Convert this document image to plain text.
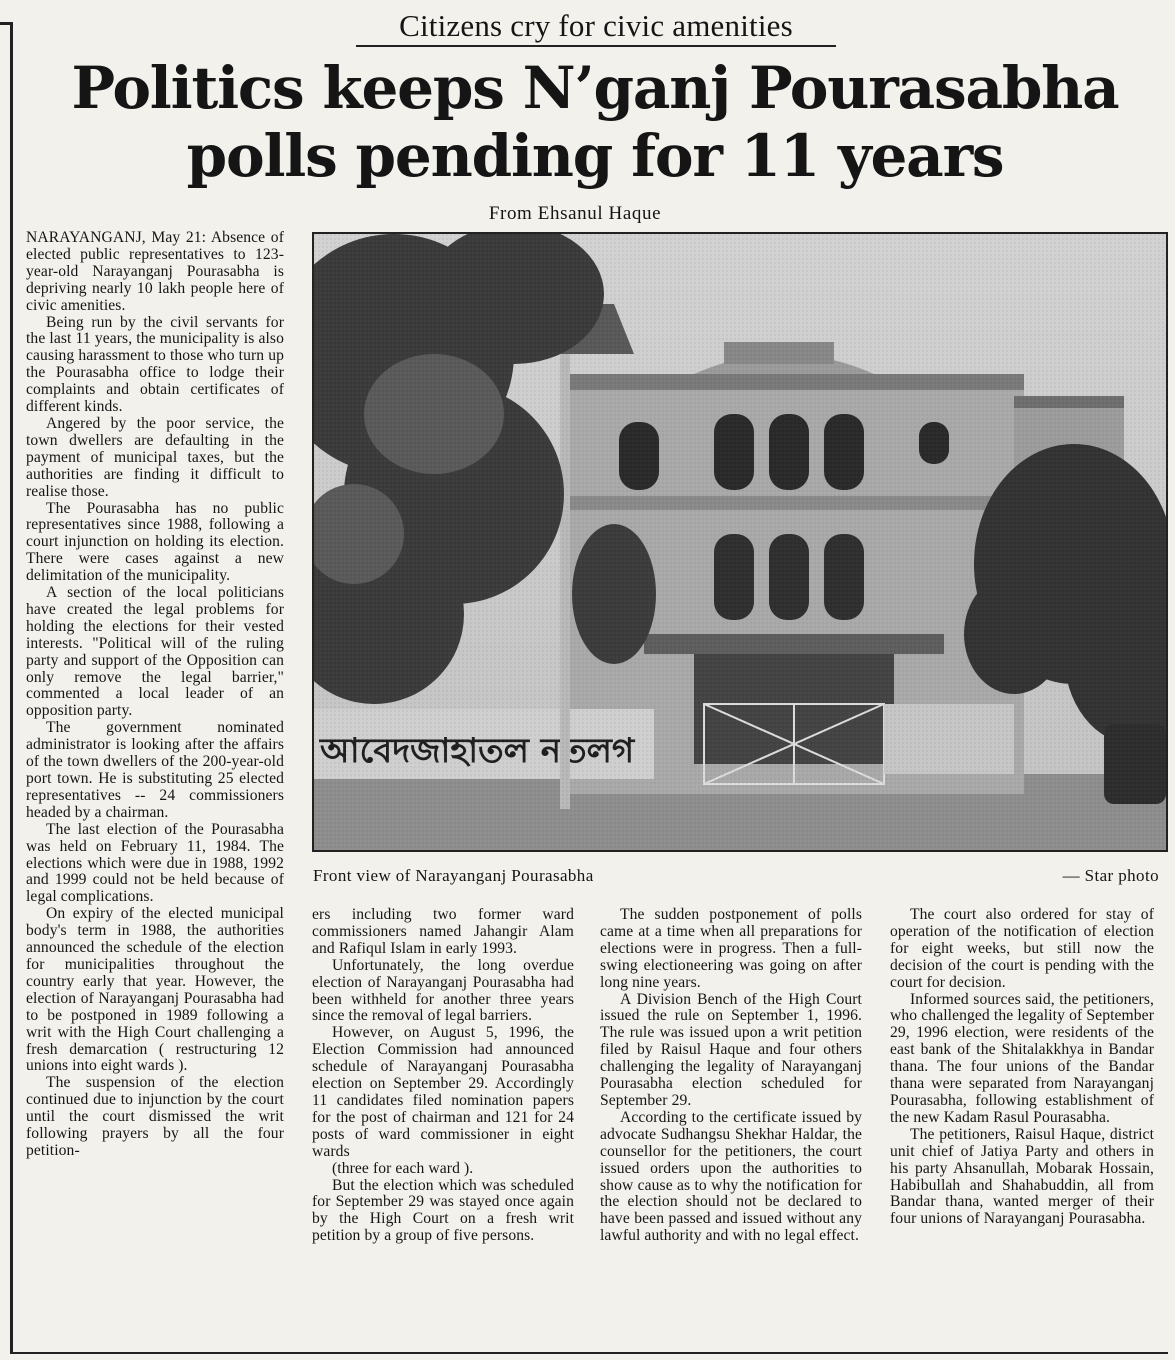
Citizens cry for civic amenities
Politics keeps N’ganj Pourasabha
polls pending for 11 years
From Ehsanul Haque

NARAYANGANJ, May 21: Absence of elected public representatives to 123-year-old Narayanganj Pourasabha is depriving nearly 10 lakh people here of civic amenities.

Being run by the civil servants for the last 11 years, the municipality is also causing harassment to those who turn up the Pourasabha office to lodge their complaints and obtain certificates of different kinds.

Angered by the poor service, the town dwellers are defaulting in the payment of municipal taxes, but the authorities are finding it difficult to realise those.

The Pourasabha has no public representatives since 1988, following a court injunction on holding its election. There were cases against a new delimitation of the municipality.

A section of the local politicians have created the legal problems for holding the elections for their vested interests. "Political will of the ruling party and support of the Opposition can only remove the legal barrier," commented a local leader of an opposition party.

The government nominated administrator is looking after the affairs of the town dwellers of the 200-year-old port town. He is substituting 25 elected representatives -- 24 commissioners headed by a chairman.

The last election of the Pourasabha was held on February 11, 1984. The elections which were due in 1988, 1992 and 1999 could not be held because of legal complications.

On expiry of the elected municipal body's term in 1988, the authorities announced the schedule of the election for municipalities throughout the country early that year. However, the election of Narayanganj Pourasabha had to be postponed in 1989 following a writ with the High Court challenging a fresh demarcation ( restructuring 12 unions into eight wards ).

The suspension of the election continued due to injunction by the court until the court dismissed the writ following prayers by all the four petition-

Front view of Narayanganj Pourasabha	— Star photo

ers including two former ward commissioners named Jahangir Alam and Rafiqul Islam in early 1993.

Unfortunately, the long overdue election of Narayanganj Pourasabha had been withheld for another three years since the removal of legal barriers.

However, on August 5, 1996, the Election Commission had announced schedule of Narayanganj Pourasabha election on September 29. Accordingly 11 candidates filed nomination papers for the post of chairman and 121 for 24 posts of ward commissioner in eight wards

(three for each ward ).

But the election which was scheduled for September 29 was stayed once again by the High Court on a fresh writ petition by a group of five persons.

The sudden postponement of polls came at a time when all preparations for elections were in progress. Then a full-swing electioneering was going on after long nine years.

A Division Bench of the High Court issued the rule on September 1, 1996. The rule was issued upon a writ petition filed by Raisul Haque and four others challenging the legality of Narayanganj Pourasabha election scheduled for September 29.

According to the certificate issued by advocate Sudhangsu Shekhar Haldar, the counsellor for the petitioners, the court issued orders upon the authorities to show cause as to why the notification for the election should not be declared to have been passed and issued without any lawful authority and with no legal effect.

The court also ordered for stay of operation of the notification of election for eight weeks, but still now the decision of the court is pending with the court for decision.

Informed sources said, the petitioners, who challenged the legality of September 29, 1996 election, were residents of the east bank of the Shitalakkhya in Bandar thana. The four unions of the Bandar thana were separated from Narayanganj Pourasabha, following establishment of the new Kadam Rasul Pourasabha.

The petitioners, Raisul Haque, district unit chief of Jatiya Party and others in his party Ahsanullah, Mobarak Hossain, Habibullah and Shahabuddin, all from Bandar thana, wanted merger of their four unions of Narayanganj Pourasabha.
